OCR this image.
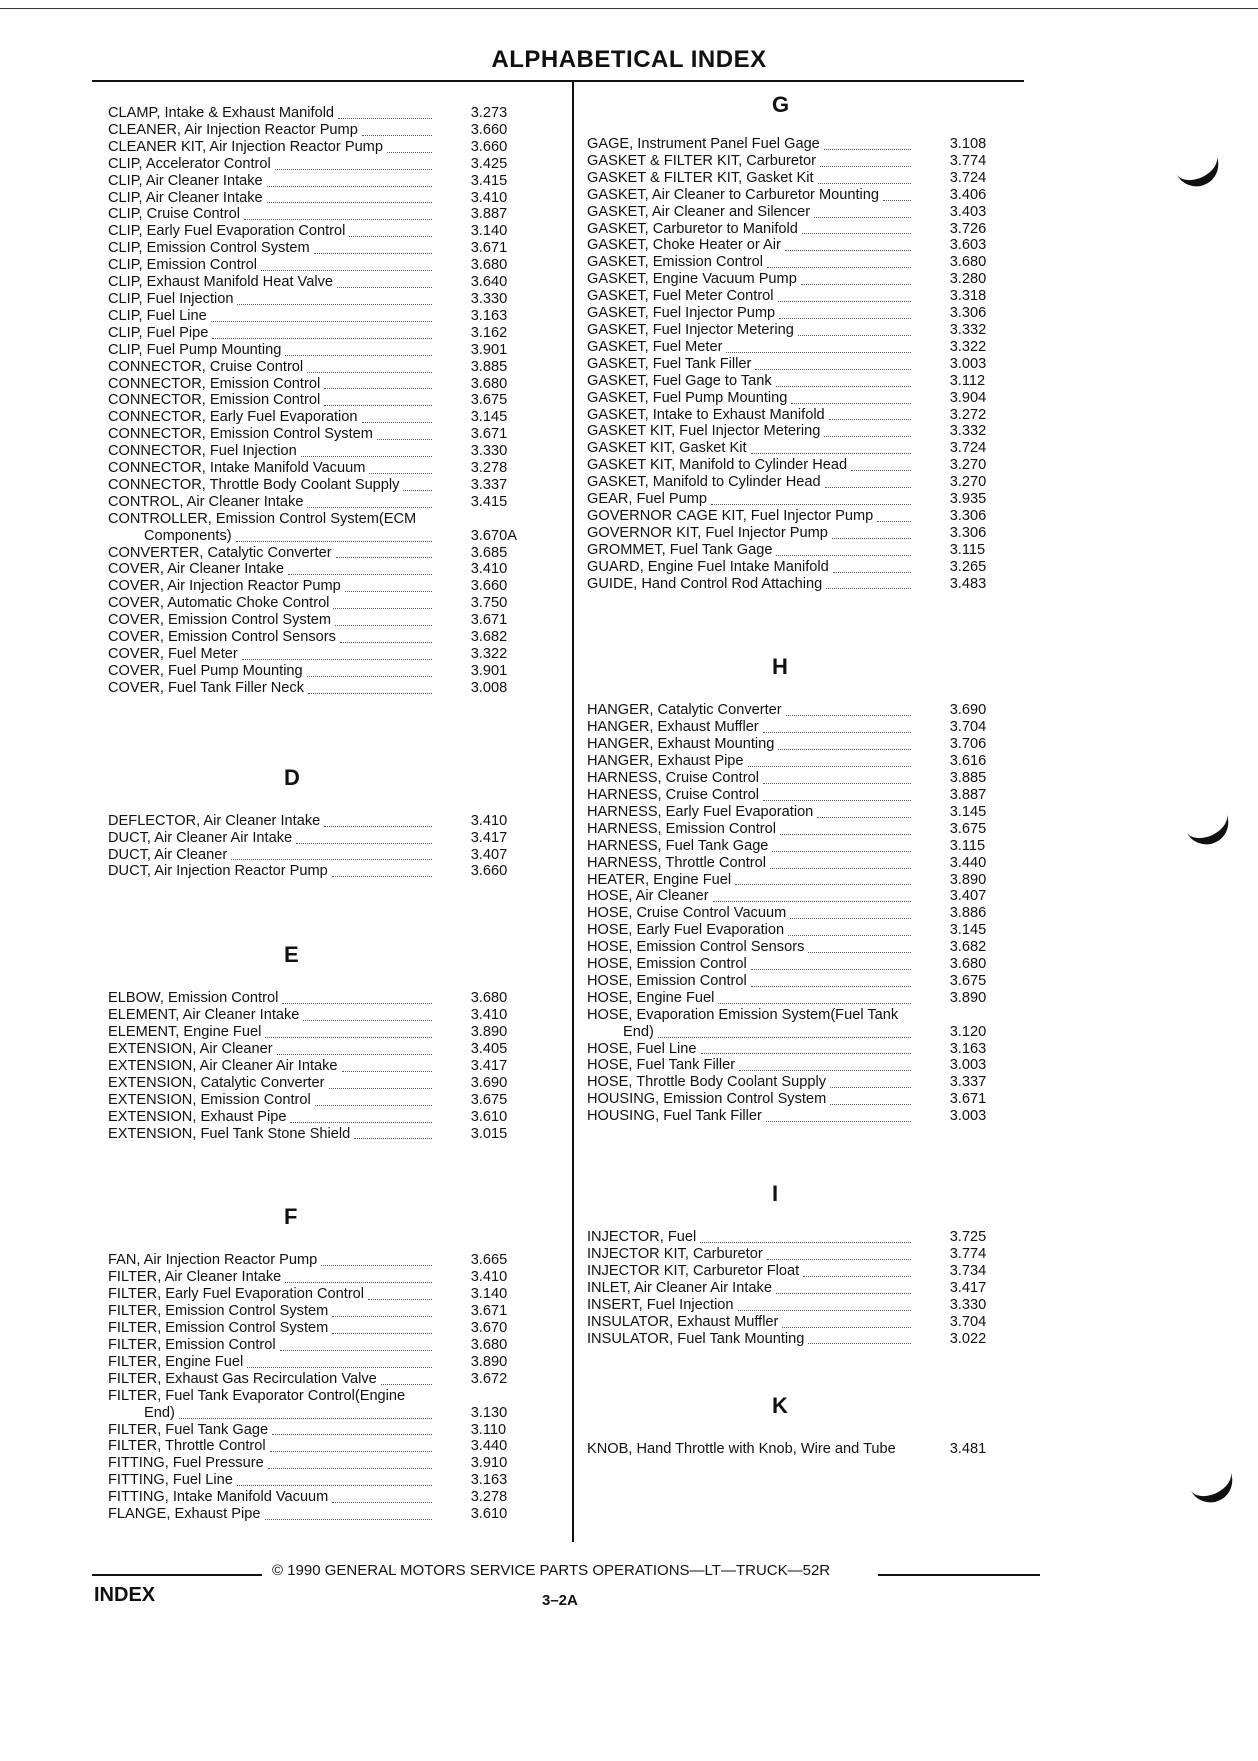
ALPHABETICAL INDEX
CLAMP, Intake & Exhaust Manifold	3.273
CLEANER, Air Injection Reactor Pump	3.660
CLEANER KIT, Air Injection Reactor Pump	3.660
CLIP, Accelerator Control	3.425
CLIP, Air Cleaner Intake	3.415
CLIP, Air Cleaner Intake	3.410
CLIP, Cruise Control	3.887
CLIP, Early Fuel Evaporation Control	3.140
CLIP, Emission Control System	3.671
CLIP, Emission Control	3.680
CLIP, Exhaust Manifold Heat Valve	3.640
CLIP, Fuel Injection	3.330
CLIP, Fuel Line	3.163
CLIP, Fuel Pipe	3.162
CLIP, Fuel Pump Mounting	3.901
CONNECTOR, Cruise Control	3.885
CONNECTOR, Emission Control	3.680
CONNECTOR, Emission Control	3.675
CONNECTOR, Early Fuel Evaporation	3.145
CONNECTOR, Emission Control System	3.671
CONNECTOR, Fuel Injection	3.330
CONNECTOR, Intake Manifold Vacuum	3.278
CONNECTOR, Throttle Body Coolant Supply	3.337
CONTROL, Air Cleaner Intake	3.415
CONTROLLER, Emission Control System(ECM
Components)	3.670A
CONVERTER, Catalytic Converter	3.685
COVER, Air Cleaner Intake	3.410
COVER, Air Injection Reactor Pump	3.660
COVER, Automatic Choke Control	3.750
COVER, Emission Control System	3.671
COVER, Emission Control Sensors	3.682
COVER, Fuel Meter	3.322
COVER, Fuel Pump Mounting	3.901
COVER, Fuel Tank Filler Neck	3.008
D
DEFLECTOR, Air Cleaner Intake	3.410
DUCT, Air Cleaner Air Intake	3.417
DUCT, Air Cleaner	3.407
DUCT, Air Injection Reactor Pump	3.660
E
ELBOW, Emission Control	3.680
ELEMENT, Air Cleaner Intake	3.410
ELEMENT, Engine Fuel	3.890
EXTENSION, Air Cleaner	3.405
EXTENSION, Air Cleaner Air Intake	3.417
EXTENSION, Catalytic Converter	3.690
EXTENSION, Emission Control	3.675
EXTENSION, Exhaust Pipe	3.610
EXTENSION, Fuel Tank Stone Shield	3.015
F
FAN, Air Injection Reactor Pump	3.665
FILTER, Air Cleaner Intake	3.410
FILTER, Early Fuel Evaporation Control	3.140
FILTER, Emission Control System	3.671
FILTER, Emission Control System	3.670
FILTER, Emission Control	3.680
FILTER, Engine Fuel	3.890
FILTER, Exhaust Gas Recirculation Valve	3.672
FILTER, Fuel Tank Evaporator Control(Engine
End)	3.130
FILTER, Fuel Tank Gage	3.110
FILTER, Throttle Control	3.440
FITTING, Fuel Pressure	3.910
FITTING, Fuel Line	3.163
FITTING, Intake Manifold Vacuum	3.278
FLANGE, Exhaust Pipe	3.610
G
GAGE, Instrument Panel Fuel Gage	3.108
GASKET & FILTER KIT, Carburetor	3.774
GASKET & FILTER KIT, Gasket Kit	3.724
GASKET, Air Cleaner to Carburetor Mounting	3.406
GASKET, Air Cleaner and Silencer	3.403
GASKET, Carburetor to Manifold	3.726
GASKET, Choke Heater or Air	3.603
GASKET, Emission Control	3.680
GASKET, Engine Vacuum Pump	3.280
GASKET, Fuel Meter Control	3.318
GASKET, Fuel Injector Pump	3.306
GASKET, Fuel Injector Metering	3.332
GASKET, Fuel Meter	3.322
GASKET, Fuel Tank Filler	3.003
GASKET, Fuel Gage to Tank	3.112
GASKET, Fuel Pump Mounting	3.904
GASKET, Intake to Exhaust Manifold	3.272
GASKET KIT, Fuel Injector Metering	3.332
GASKET KIT, Gasket Kit	3.724
GASKET KIT, Manifold to Cylinder Head	3.270
GASKET, Manifold to Cylinder Head	3.270
GEAR, Fuel Pump	3.935
GOVERNOR CAGE KIT, Fuel Injector Pump	3.306
GOVERNOR KIT, Fuel Injector Pump	3.306
GROMMET, Fuel Tank Gage	3.115
GUARD, Engine Fuel Intake Manifold	3.265
GUIDE, Hand Control Rod Attaching	3.483
H
HANGER, Catalytic Converter	3.690
HANGER, Exhaust Muffler	3.704
HANGER, Exhaust Mounting	3.706
HANGER, Exhaust Pipe	3.616
HARNESS, Cruise Control	3.885
HARNESS, Cruise Control	3.887
HARNESS, Early Fuel Evaporation	3.145
HARNESS, Emission Control	3.675
HARNESS, Fuel Tank Gage	3.115
HARNESS, Throttle Control	3.440
HEATER, Engine Fuel	3.890
HOSE, Air Cleaner	3.407
HOSE, Cruise Control Vacuum	3.886
HOSE, Early Fuel Evaporation	3.145
HOSE, Emission Control Sensors	3.682
HOSE, Emission Control	3.680
HOSE, Emission Control	3.675
HOSE, Engine Fuel	3.890
HOSE, Evaporation Emission System(Fuel Tank
End)	3.120
HOSE, Fuel Line	3.163
HOSE, Fuel Tank Filler	3.003
HOSE, Throttle Body Coolant Supply	3.337
HOUSING, Emission Control System	3.671
HOUSING, Fuel Tank Filler	3.003
I
INJECTOR, Fuel	3.725
INJECTOR KIT, Carburetor	3.774
INJECTOR KIT, Carburetor Float	3.734
INLET, Air Cleaner Air Intake	3.417
INSERT, Fuel Injection	3.330
INSULATOR, Exhaust Muffler	3.704
INSULATOR, Fuel Tank Mounting	3.022
K
KNOB, Hand Throttle with Knob, Wire and Tube	3.481
© 1990 GENERAL MOTORS SERVICE PARTS OPERATIONS—LT—TRUCK—52R
INDEX	3–2A
